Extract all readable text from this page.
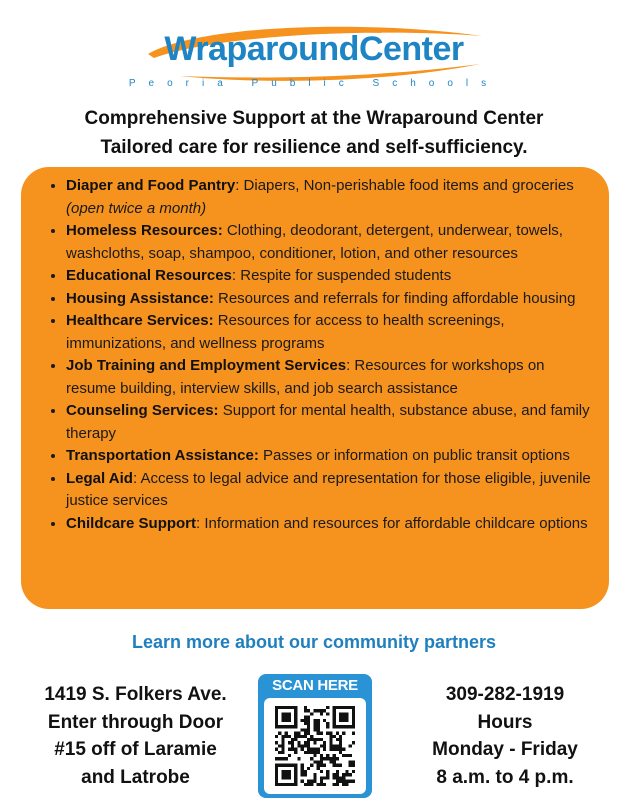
WraparoundCenter
Peoria Public Schools
Comprehensive Support at the Wraparound Center
Tailored care for resilience and self-sufficiency.
• Diaper and Food Pantry: Diapers, Non-perishable food items and groceries (open twice a month)
• Homeless Resources: Clothing, deodorant, detergent, underwear, towels, washcloths, soap, shampoo, conditioner, lotion, and other resources
• Educational Resources: Respite for suspended students
• Housing Assistance: Resources and referrals for finding affordable housing
• Healthcare Services: Resources for access to health screenings, immunizations, and wellness programs
• Job Training and Employment Services: Resources for workshops on resume building, interview skills, and job search assistance
• Counseling Services: Support for mental health, substance abuse, and family therapy
• Transportation Assistance: Passes or information on public transit options
• Legal Aid: Access to legal advice and representation for those eligible, juvenile justice services
• Childcare Support: Information and resources for affordable childcare options
Learn more about our community partners
1419 S. Folkers Ave.
Enter through Door
#15 off of Laramie
and Latrobe
SCAN HERE	309-282-1919
Hours
Monday - Friday
8 a.m. to 4 p.m.
